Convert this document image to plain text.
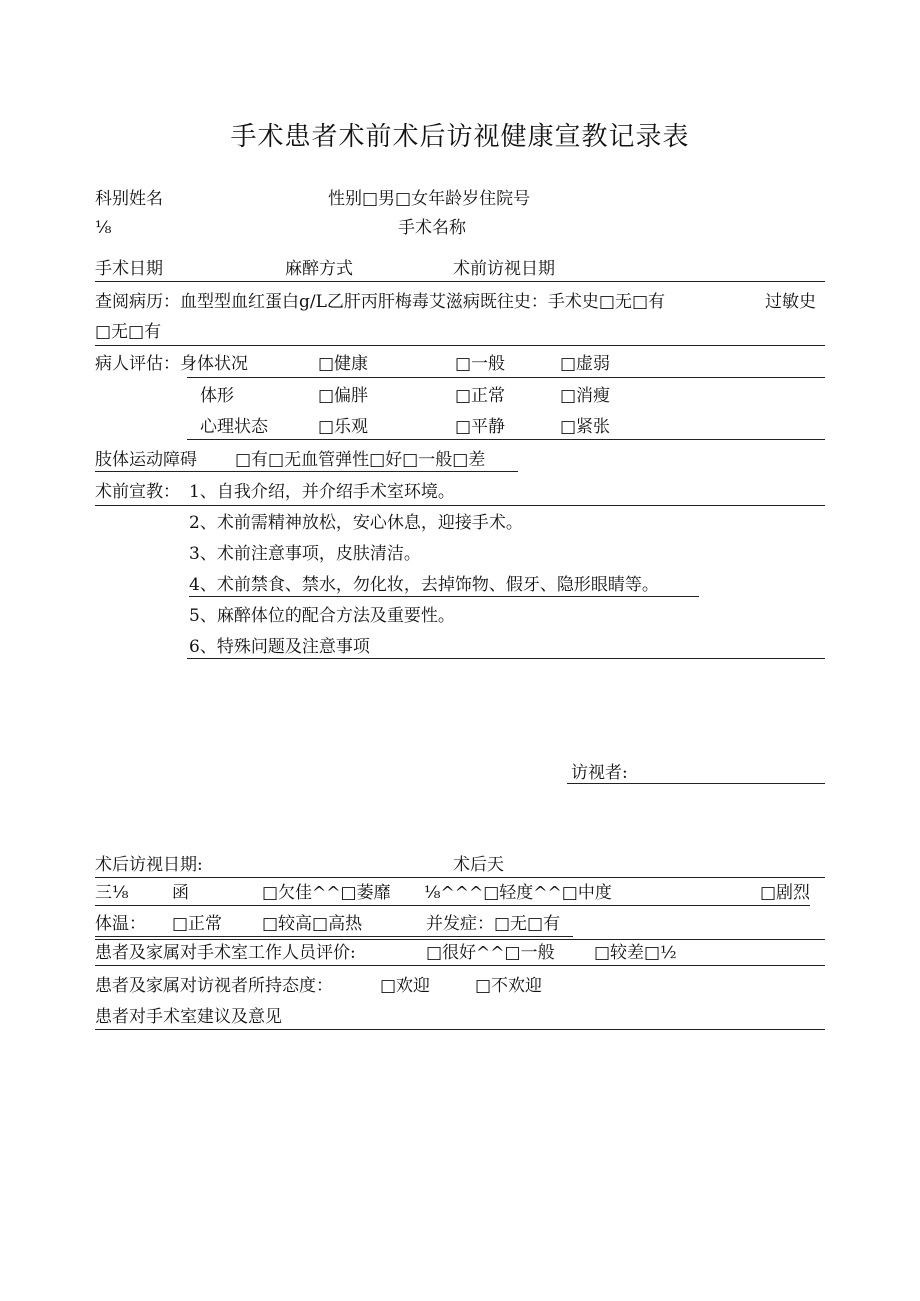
手术患者术前术后访视健康宣教记录表
科别姓名	性别□男□女年龄岁住院号
⅛	手术名称
手术日期	麻醉方式	术前访视日期
查阅病历：血型型血红蛋白g/L乙肝丙肝梅毒艾滋病既往史：手术史□无□有	过敏史
□无□有
病人评估：身体状况	□健康	□一般	□虚弱
体形	□偏胖	□正常	□消瘦
心理状态	□乐观	□平静	□紧张
肢体运动障碍 □有□无血管弹性□好□一般□差
术前宣教： 1、自我介绍，并介绍手术室环境。
2、术前需精神放松，安心休息，迎接手术。
3、术前注意事项，皮肤清洁。
4、术前禁食、禁水，勿化妆，去掉饰物、假牙、隐形眼睛等。
5、麻醉体位的配合方法及重要性。
6、特殊问题及注意事项
访视者:
术后访视日期:	术后天
三⅛	函	□欠佳^^□萎靡 ⅛^^^□轻度^^□中度	□剧烈
体温： □正常 □较高□高热	并发症：□无□有
患者及家属对手术室工作人员评价:	□很好^^□一般 □较差□½
患者及家属对访视者所持态度：	□欢迎	□不欢迎
患者对手术室建议及意见
